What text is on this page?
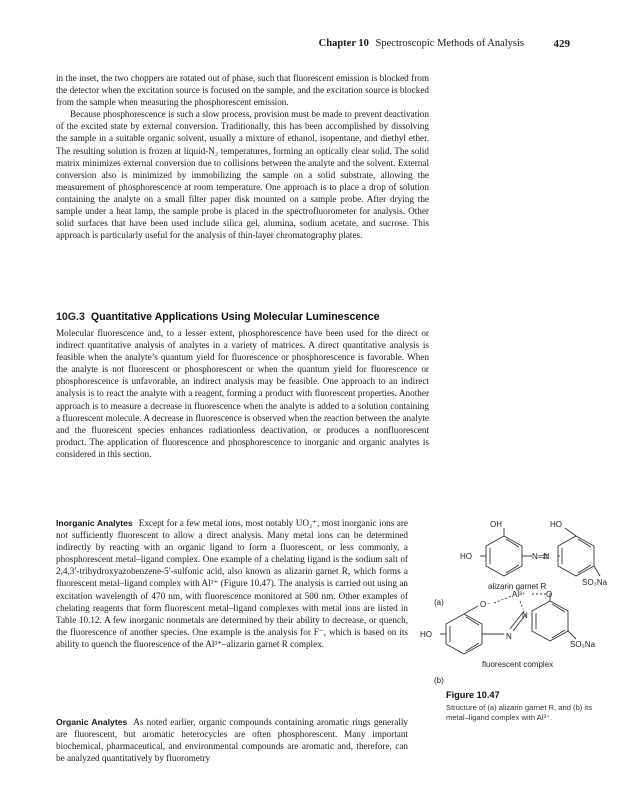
Chapter 10 Spectroscopic Methods of Analysis	429

in the inset, the two choppers are rotated out of phase, such that fluorescent emission is blocked from the detector when the excitation source is focused on the sample, and the excitation source is blocked from the sample when measuring the phosphorescent emission.

Because phosphorescence is such a slow process, provision must be made to prevent deactivation of the excited state by external conversion. Traditionally, this has been accomplished by dissolving the sample in a suitable organic solvent, usually a mixture of ethanol, isopentane, and diethyl ether. The resulting solution is frozen at liquid-N₂ temperatures, forming an optically clear solid. The solid matrix minimizes external conversion due to collisions between the analyte and the solvent. External conversion also is minimized by immobilizing the sample on a solid substrate, allowing the measurement of phosphorescence at room temperature. One approach is to place a drop of solution containing the analyte on a small filter paper disk mounted on a sample probe. After drying the sample under a heat lamp, the sample probe is placed in the spectrofluorometer for analysis. Other solid surfaces that have been used include silica gel, alumina, sodium acetate, and sucrose. This approach is particularly useful for the analysis of thin-layer chromatography plates.

10G.3 Quantitative Applications Using Molecular Luminescence

Molecular fluorescence and, to a lesser extent, phosphorescence have been used for the direct or indirect quantitative analysis of analytes in a variety of matrices. A direct quantitative analysis is feasible when the analyte’s quantum yield for fluorescence or phosphorescence is favorable. When the analyte is not fluorescent or phosphorescent or when the quantum yield for fluorescence or phosphorescence is unfavorable, an indirect analysis may be feasible. One approach to an indirect analysis is to react the analyte with a reagent, forming a product with fluorescent properties. Another approach is to measure a decrease in fluorescence when the analyte is added to a solution containing a fluorescent molecule. A decrease in fluorescence is observed when the reaction between the analyte and the fluorescent species enhances radiationless deactivation, or produces a nonfluorescent product. The application of fluorescence and phosphorescence to inorganic and organic analytes is considered in this section.

Inorganic Analytes Except for a few metal ions, most notably UO₂⁺, most inorganic ions are not sufficiently fluorescent to allow a direct analysis. Many metal ions can be determined indirectly by reacting with an organic ligand to form a fluorescent, or less commonly, a phosphorescent metal–ligand complex. One example of a chelating ligand is the sodium salt of 2,4,3′-trihydroxyazobenzene-5′-sulfonic acid, also known as alizarin garnet R, which forms a fluorescent metal–ligand complex with Al³⁺ (Figure 10.47). The analysis is carried out using an excitation wavelength of 470 nm, with fluorescence monitored at 500 nm. Other examples of chelating reagents that form fluorescent metal–ligand complexes with metal ions are listed in Table 10.12. A few inorganic nonmetals are determined by their ability to decrease, or quench, the fluorescence of another species. One example is the analysis for F⁻, which is based on its ability to quench the fluorescence of the Al³⁺–alizarin garnet R complex.

Organic Analytes As noted earlier, organic compounds containing aromatic rings generally are fluorescent, but aromatic heterocycles are often phosphorescent. Many important biochemical, pharmaceutical, and environmental compounds are aromatic and, therefore, can be analyzed quantitatively by fluorometry

OH	HO
HO	N═N
SO₃Na
alizarin garnet R
(a)	O⁻
Al³⁺	O
N
N
HO
SO₃Na
fluorescent complex
(b)
Figure 10.47
Structure of (a) alizarin garnet R, and (b) its metal–ligand complex with Al³⁺.
